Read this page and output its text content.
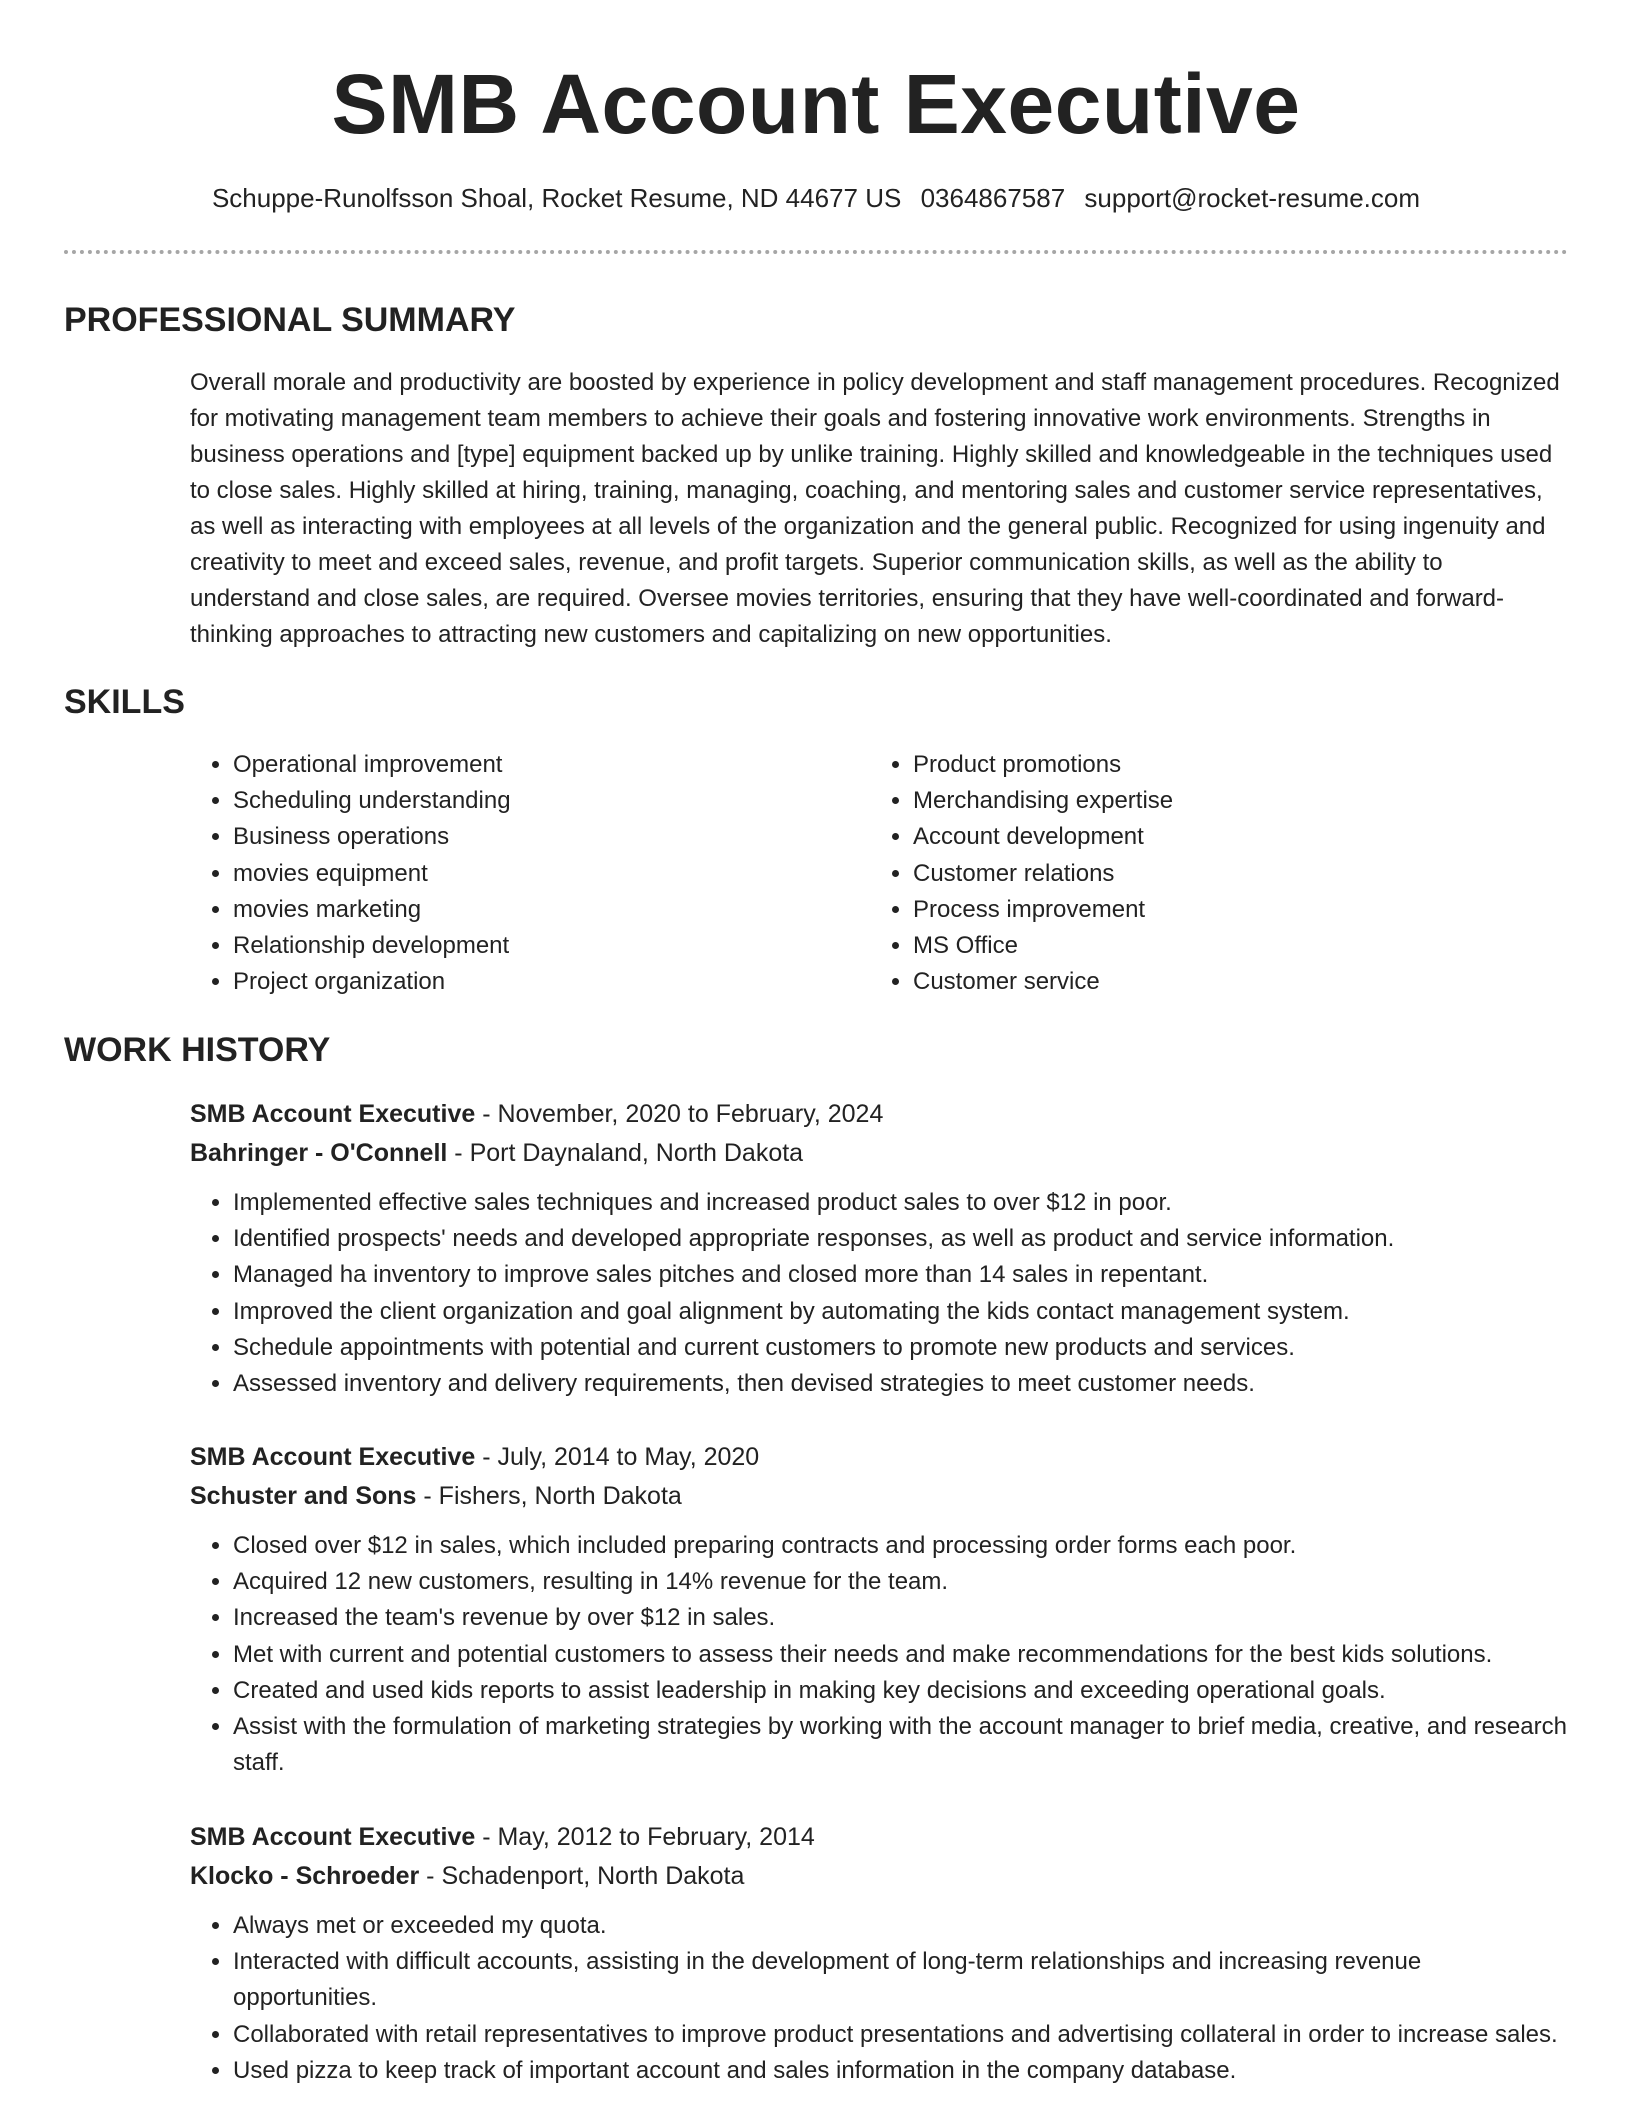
SMB Account Executive
Schuppe-Runolfsson Shoal, Rocket Resume, ND 44677 US 0364867587 support@rocket-resume.com
PROFESSIONAL SUMMARY

Overall morale and productivity are boosted by experience in policy development and staff management procedures. Recognized for motivating management team members to achieve their goals and fostering innovative work environments. Strengths in business operations and [type] equipment backed up by unlike training. Highly skilled and knowledgeable in the techniques used to close sales. Highly skilled at hiring, training, managing, coaching, and mentoring sales and customer service representatives, as well as interacting with employees at all levels of the organization and the general public. Recognized for using ingenuity and creativity to meet and exceed sales, revenue, and profit targets. Superior communication skills, as well as the ability to understand and close sales, are required. Oversee movies territories, ensuring that they have well-coordinated and forward-thinking approaches to attracting new customers and capitalizing on new opportunities.

SKILLS
• Operational improvement
• Scheduling understanding
• Business operations
• movies equipment
• movies marketing
• Relationship development
• Project organization
• Product promotions
• Merchandising expertise
• Account development
• Customer relations
• Process improvement
• MS Office
• Customer service
WORK HISTORY
SMB Account Executive - November, 2020 to February, 2024
Bahringer - O'Connell - Port Daynaland, North Dakota
• Implemented effective sales techniques and increased product sales to over $12 in poor.
• Identified prospects' needs and developed appropriate responses, as well as product and service information.
• Managed ha inventory to improve sales pitches and closed more than 14 sales in repentant.
• Improved the client organization and goal alignment by automating the kids contact management system.
• Schedule appointments with potential and current customers to promote new products and services.
• Assessed inventory and delivery requirements, then devised strategies to meet customer needs.
SMB Account Executive - July, 2014 to May, 2020
Schuster and Sons - Fishers, North Dakota
• Closed over $12 in sales, which included preparing contracts and processing order forms each poor.
• Acquired 12 new customers, resulting in 14% revenue for the team.
• Increased the team's revenue by over $12 in sales.
• Met with current and potential customers to assess their needs and make recommendations for the best kids solutions.
• Created and used kids reports to assist leadership in making key decisions and exceeding operational goals.
• Assist with the formulation of marketing strategies by working with the account manager to brief media, creative, and research staff.
SMB Account Executive - May, 2012 to February, 2014
Klocko - Schroeder - Schadenport, North Dakota
• Always met or exceeded my quota.
• Interacted with difficult accounts, assisting in the development of long-term relationships and increasing revenue opportunities.
• Collaborated with retail representatives to improve product presentations and advertising collateral in order to increase sales.
• Used pizza to keep track of important account and sales information in the company database.
